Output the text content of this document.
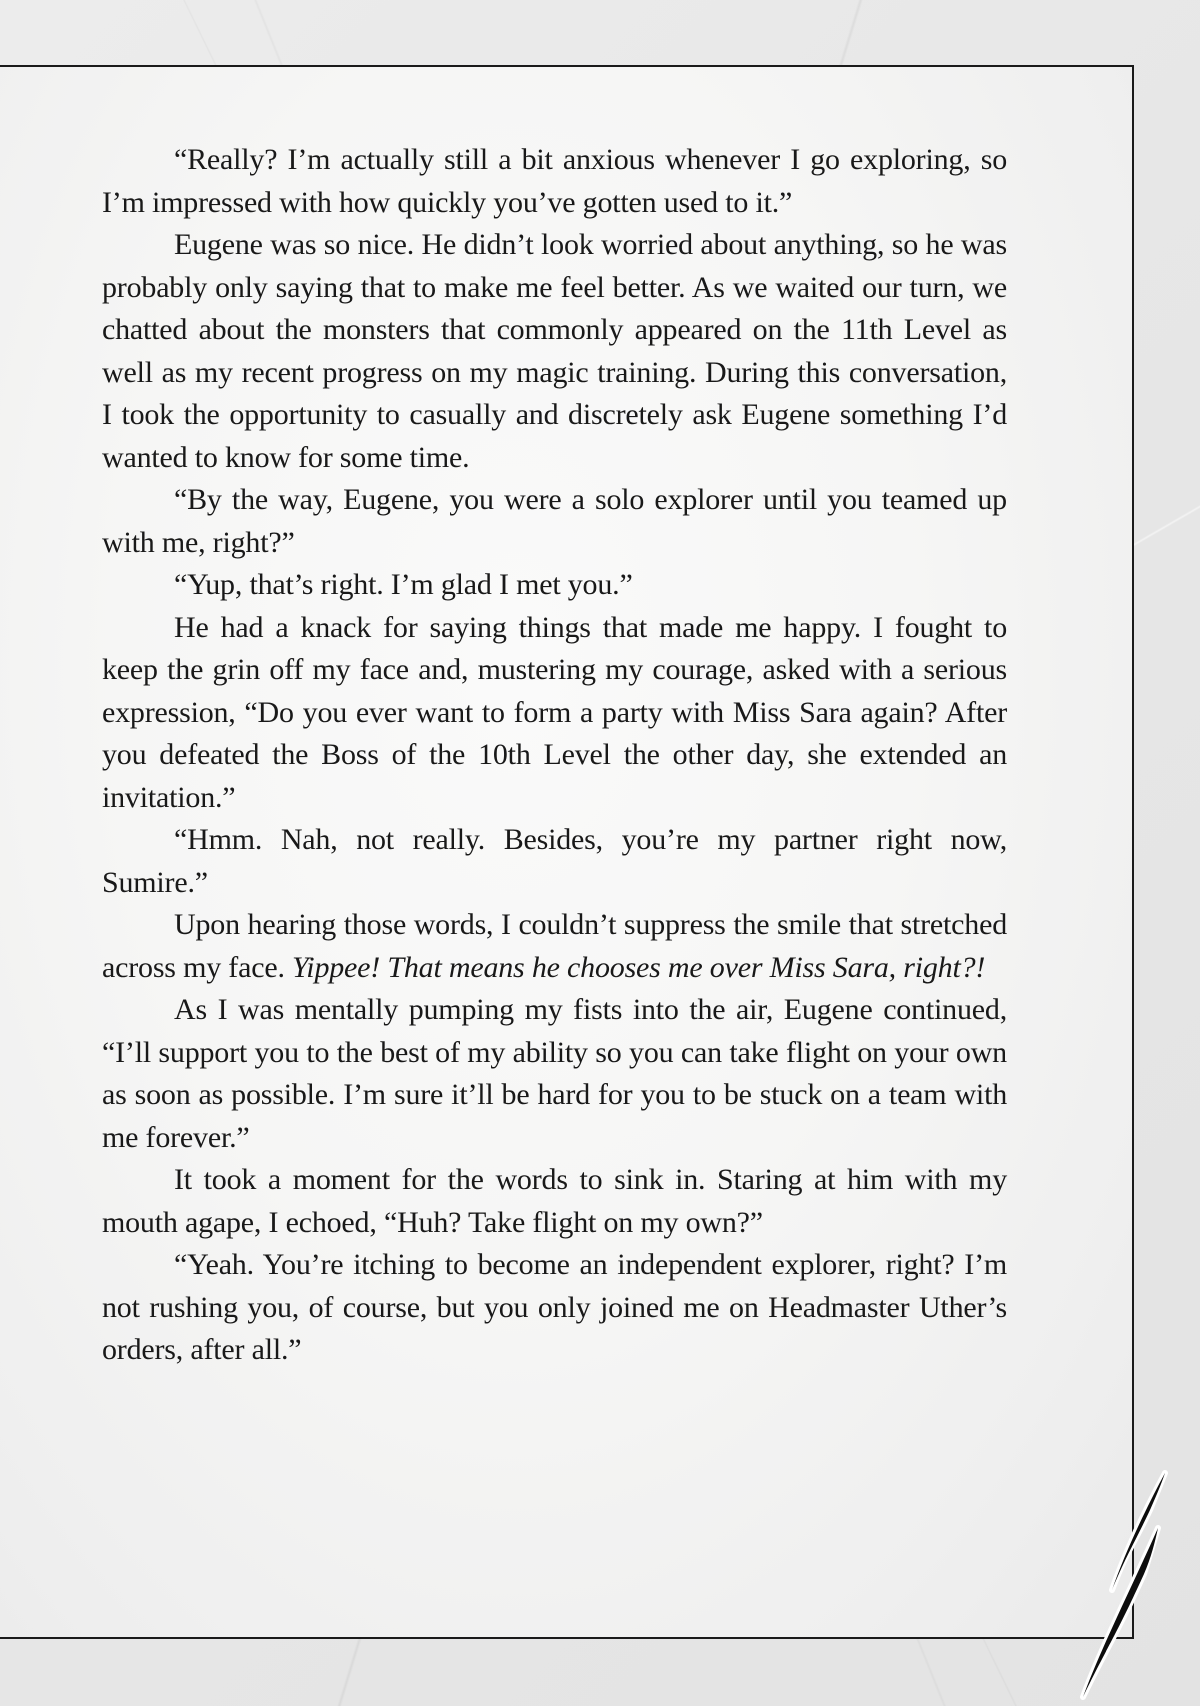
“Really? I’m actually still a bit anxious whenever I go exploring, so I’m impressed with how quickly you’ve gotten used to it.”

Eugene was so nice. He didn’t look worried about anything, so he was probably only saying that to make me feel better. As we waited our turn, we chatted about the monsters that commonly appeared on the 11th Level as well as my recent progress on my magic training. During this conversation, I took the opportunity to casually and discretely ask Eugene something I’d wanted to know for some time.

“By the way, Eugene, you were a solo explorer until you teamed up with me, right?”

“Yup, that’s right. I’m glad I met you.”

He had a knack for saying things that made me happy. I fought to keep the grin off my face and, mustering my courage, asked with a serious expression, “Do you ever want to form a party with Miss Sara again? After you defeated the Boss of the 10th Level the other day, she extended an invitation.”

“Hmm. Nah, not really. Besides, you’re my partner right now, Sumire.”

Upon hearing those words, I couldn’t suppress the smile that stretched across my face. Yippee! That means he chooses me over Miss Sara, right?!

As I was mentally pumping my fists into the air, Eugene continued, “I’ll support you to the best of my ability so you can take flight on your own as soon as possible. I’m sure it’ll be hard for you to be stuck on a team with me forever.”

It took a moment for the words to sink in. Staring at him with my mouth agape, I echoed, “Huh? Take flight on my own?”

“Yeah. You’re itching to become an independent explorer, right? I’m not rushing you, of course, but you only joined me on Headmaster Uther’s orders, after all.”
